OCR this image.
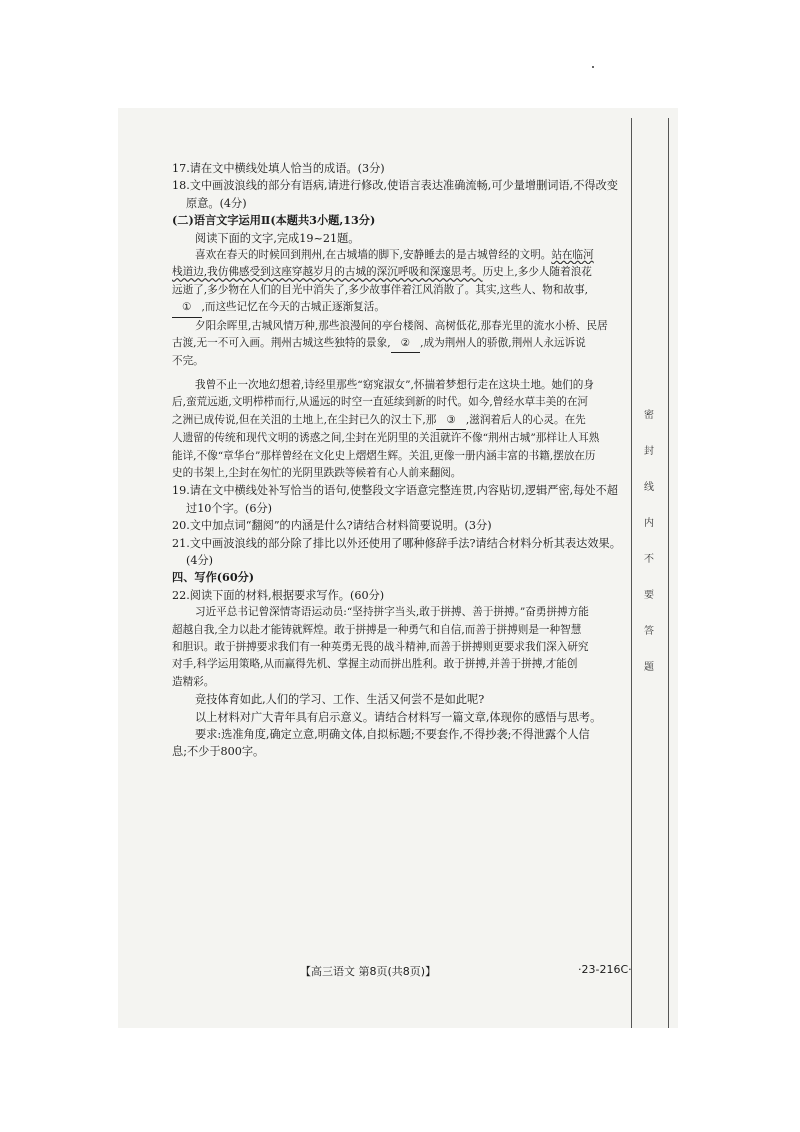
密
封
线
内
不
要
答
题
17.请在文中横线处填人恰当的成语。(3分)
18.文中画波浪线的部分有语病,请进行修改,使语言表达准确流畅,可少量增删词语,不得改变
原意。(4分)
(二)语言文字运用Ⅱ(本题共3小题,13分)
阅读下面的文字,完成19~21题。
喜欢在春天的时候回到荆州,在古城墙的脚下,安静睡去的是古城曾经的文明。站在临河
栈道边,我仿佛感受到这座穿越岁月的古城的深沉呼吸和深邃思考。历史上,多少人随着浪花
远逝了,多少物在人们的目光中消失了,多少故事伴着江风消散了。其实,这些人、物和故事,
① ,而这些记忆在今天的古城正逐渐复活。
夕阳余晖里,古城风情万种,那些浪漫间的亭台楼阁、高树低花,那春光里的流水小桥、民居
古渡,无一不可入画。荆州古城这些独特的景象, ② ,成为荆州人的骄傲,荆州人永远诉说
不完。
我曾不止一次地幻想着,诗经里那些“窈窕淑女”,怀揣着梦想行走在这块土地。她们的身
后,蛮荒远逝,文明栉栉而行,从遥远的时空一直延续到新的时代。如今,曾经水草丰美的在河
之洲已成传说,但在关沮的土地上,在尘封已久的汉土下,那 ③ ,滋润着后人的心灵。在先
人遗留的传统和现代文明的诱惑之间,尘封在光阴里的关沮就许不像“荆州古城”那样让人耳熟
能详,不像“章华台”那样曾经在文化史上熠熠生辉。关沮,更像一册内涵丰富的书籍,摆放在历
史的书架上,尘封在匆忙的光阴里跌跌等候着有心人前来翻阅。
19.请在文中横线处补写恰当的语句,使整段文字语意完整连贯,内容贴切,逻辑严密,每处不超
过10个字。(6分)
20.文中加点词“翻阅”的内涵是什么?请结合材料简要说明。(3分)
21.文中画波浪线的部分除了排比以外还使用了哪种修辞手法?请结合材料分析其表达效果。
(4分)
四、写作(60分)
22.阅读下面的材料,根据要求写作。(60分)
习近平总书记曾深情寄语运动员:“坚持拼字当头,敢于拼搏、善于拼搏。”奋勇拼搏方能
超越自我,全力以赴才能铸就辉煌。敢于拼搏是一种勇气和自信,而善于拼搏则是一种智慧
和胆识。敢于拼搏要求我们有一种英勇无畏的战斗精神,而善于拼搏则更要求我们深入研究
对手,科学运用策略,从而赢得先机、掌握主动而拼出胜利。敢于拼搏,并善于拼搏,才能创
造精彩。
竞技体育如此,人们的学习、工作、生活又何尝不是如此呢?
以上材料对广大青年具有启示意义。请结合材料写一篇文章,体现你的感悟与思考。
要求:选准角度,确定立意,明确文体,自拟标题;不要套作,不得抄袭;不得泄露个人信
息;不少于800字。
【高三语文 第8页(共8页)】	·23-216C·
